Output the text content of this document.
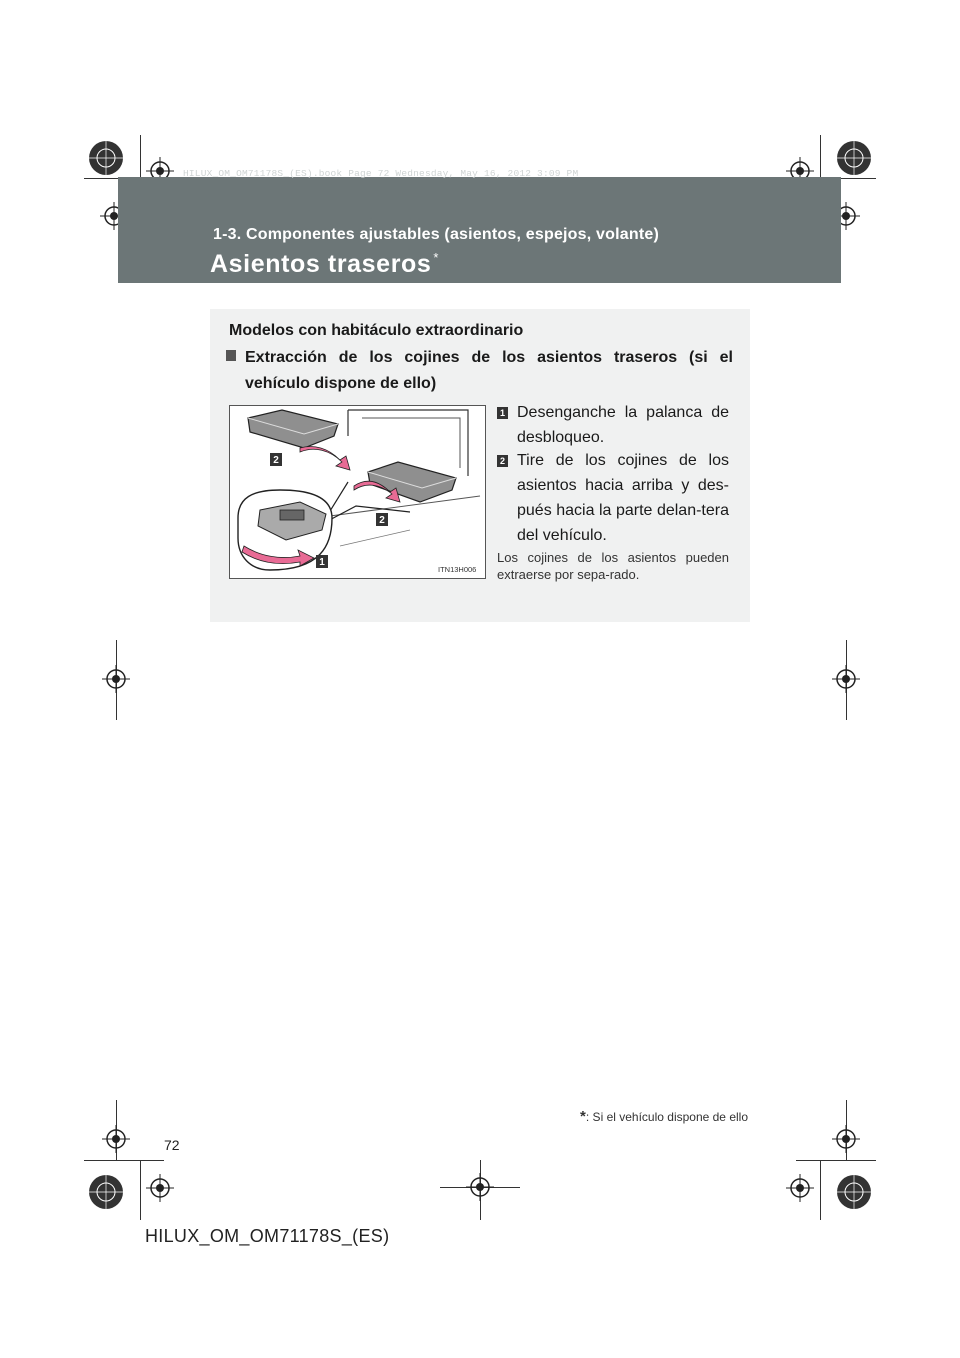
HILUX_OM_OM71178S_(ES).book Page 72 Wednesday, May 16, 2012 3:09 PM
1-3. Componentes ajustables (asientos, espejos, volante)
Asientos traseros *
Modelos con habitáculo extraordinario
Extracción de los cojines de los asientos traseros (si el vehículo dispone de ello)
2
2
1
ITN13H006
1 Desenganche la palanca de desbloqueo.
2 Tire de los cojines de los asientos hacia arriba y des-pués hacia la parte delan-tera del vehículo.
Los cojines de los asientos pueden extraerse por sepa-rado.
*: Si el vehículo dispone de ello
72
HILUX_OM_OM71178S_(ES)
